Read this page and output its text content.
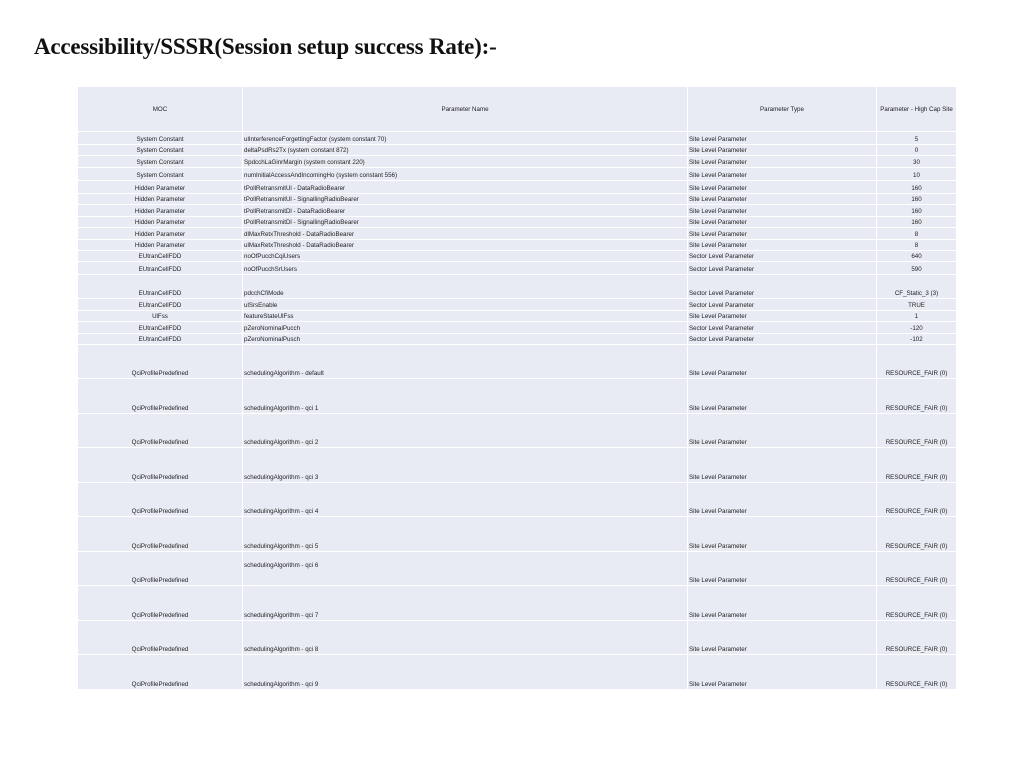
Accessibility/SSSR(Session setup success Rate):-
MOC	Parameter Name	Parameter Type	Parameter - High Cap Site
System Constant	ulInterferenceForgettingFactor (system constant 70)	Site Level Parameter	5
System Constant	deltaPsdRs2Tx (system constant 872)	Site Level Parameter	0
System Constant	SpdcchLaGinrMargin (system constant 220)	Site Level Parameter	30
System Constant	numInitialAccessAndIncomingHo (system constant 556)	Site Level Parameter	10
Hidden Parameter	tPollRetransmitUl - DataRadioBearer	Site Level Parameter	160
Hidden Parameter	tPollRetransmitUl - SignallingRadioBearer	Site Level Parameter	160
Hidden Parameter	tPollRetransmitDl - DataRadioBearer	Site Level Parameter	160
Hidden Parameter	tPollRetransmitDl - SignallingRadioBearer	Site Level Parameter	160
Hidden Parameter	dlMaxRetxThreshold - DataRadioBearer	Site Level Parameter	8
Hidden Parameter	ulMaxRetxThreshold - DataRadioBearer	Site Level Parameter	8
EUtranCellFDD	noOfPucchCqiUsers	Sector Level Parameter	640
EUtranCellFDD	noOfPucchSrUsers	Sector Level Parameter	590
EUtranCellFDD	pdcchCfiMode	Sector Level Parameter	CF_Static_3 (3)
EUtranCellFDD	ulSrsEnable	Sector Level Parameter	TRUE
UlFss	featureStateUlFss	Site Level Parameter	1
EUtranCellFDD	pZeroNominalPucch	Sector Level Parameter	-120
EUtranCellFDD	pZeroNominalPusch	Sector Level Parameter	-102
QciProfilePredefined	schedulingAlgorithm - default	Site Level Parameter	RESOURCE_FAIR (0)
QciProfilePredefined	schedulingAlgorithm - qci 1	Site Level Parameter	RESOURCE_FAIR (0)
QciProfilePredefined	schedulingAlgorithm - qci 2	Site Level Parameter	RESOURCE_FAIR (0)
QciProfilePredefined	schedulingAlgorithm - qci 3	Site Level Parameter	RESOURCE_FAIR (0)
QciProfilePredefined	schedulingAlgorithm - qci 4	Site Level Parameter	RESOURCE_FAIR (0)
QciProfilePredefined	schedulingAlgorithm - qci 5	Site Level Parameter	RESOURCE_FAIR (0)
QciProfilePredefined	schedulingAlgorithm - qci 6	Site Level Parameter	RESOURCE_FAIR (0)
QciProfilePredefined	schedulingAlgorithm - qci 7	Site Level Parameter	RESOURCE_FAIR (0)
QciProfilePredefined	schedulingAlgorithm - qci 8	Site Level Parameter	RESOURCE_FAIR (0)
QciProfilePredefined	schedulingAlgorithm - qci 9	Site Level Parameter	RESOURCE_FAIR (0)
